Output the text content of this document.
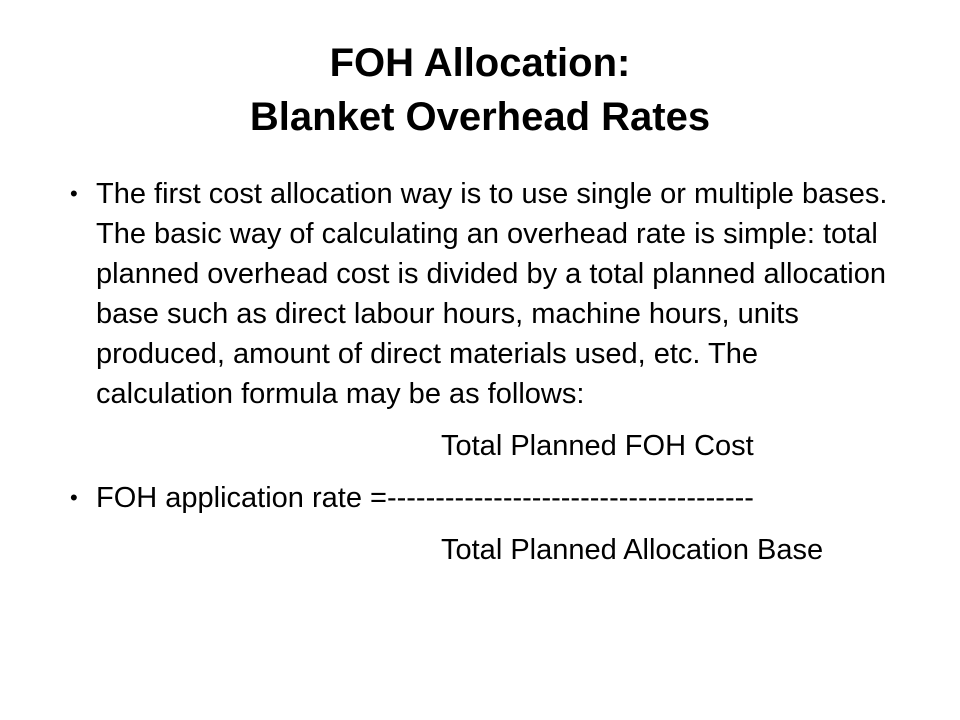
FOH Allocation:
Blanket Overhead Rates
• The first cost allocation way is to use single or multiple bases. The basic way of calculating an overhead rate is simple: total planned overhead cost is divided by a total planned allocation base such as direct labour hours, machine hours, units produced, amount of direct materials used, etc. The calculation formula may be as follows:
Total Planned FOH Cost
• FOH application rate =--------------------------------------
Total Planned Allocation Base
